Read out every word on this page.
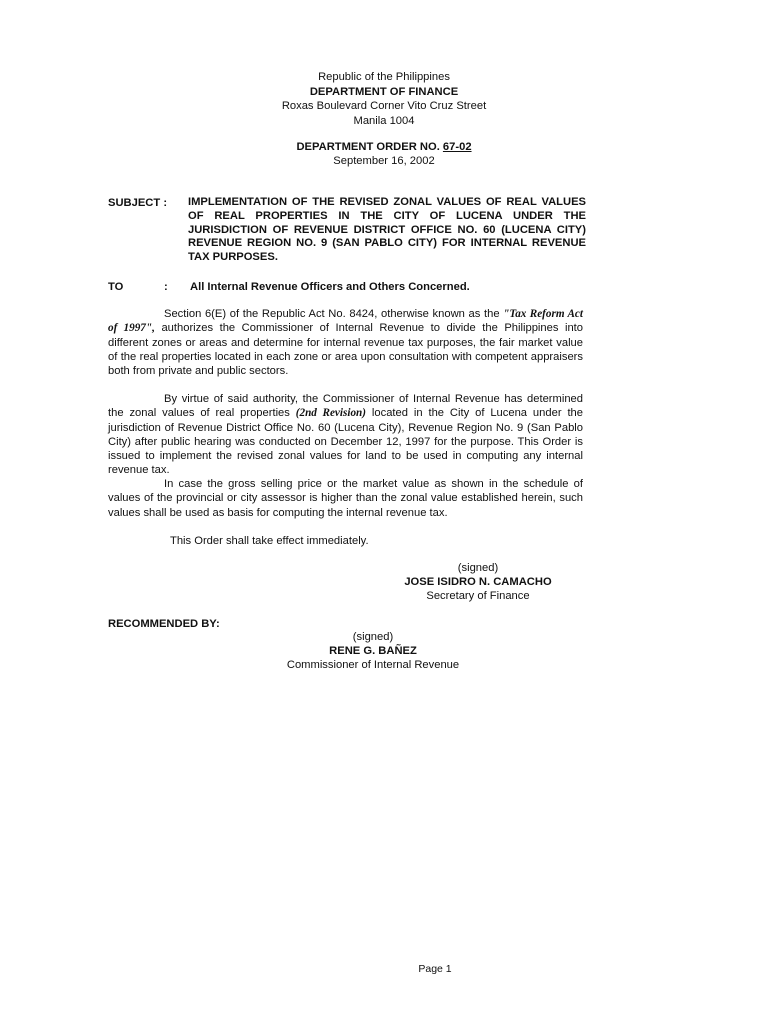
Republic of the Philippines
DEPARTMENT OF FINANCE
Roxas Boulevard Corner Vito Cruz Street
Manila 1004
DEPARTMENT ORDER NO. 67-02
September 16, 2002
SUBJECT : IMPLEMENTATION OF THE REVISED ZONAL VALUES OF REAL VALUES OF REAL PROPERTIES IN THE CITY OF LUCENA UNDER THE JURISDICTION OF REVENUE DISTRICT OFFICE NO. 60 (LUCENA CITY) REVENUE REGION NO. 9 (SAN PABLO CITY) FOR INTERNAL REVENUE TAX PURPOSES.
TO	: All Internal Revenue Officers and Others Concerned.
Section 6(E) of the Republic Act No. 8424, otherwise known as the "Tax Reform Act of 1997", authorizes the Commissioner of Internal Revenue to divide the Philippines into different zones or areas and determine for internal revenue tax purposes, the fair market value of the real properties located in each zone or area upon consultation with competent appraisers both from private and public sectors.
By virtue of said authority, the Commissioner of Internal Revenue has determined the zonal values of real properties (2nd Revision) located in the City of Lucena under the jurisdiction of Revenue District Office No. 60 (Lucena City), Revenue Region No. 9 (San Pablo City) after public hearing was conducted on December 12, 1997 for the purpose. This Order is issued to implement the revised zonal values for land to be used in computing any internal revenue tax.
In case the gross selling price or the market value as shown in the schedule of values of the provincial or city assessor is higher than the zonal value established herein, such values shall be used as basis for computing the internal revenue tax.
This Order shall take effect immediately.
(signed)
JOSE ISIDRO N. CAMACHO
Secretary of Finance
RECOMMENDED BY:
(signed)
RENE G. BAÑEZ
Commissioner of Internal Revenue
Page 1
